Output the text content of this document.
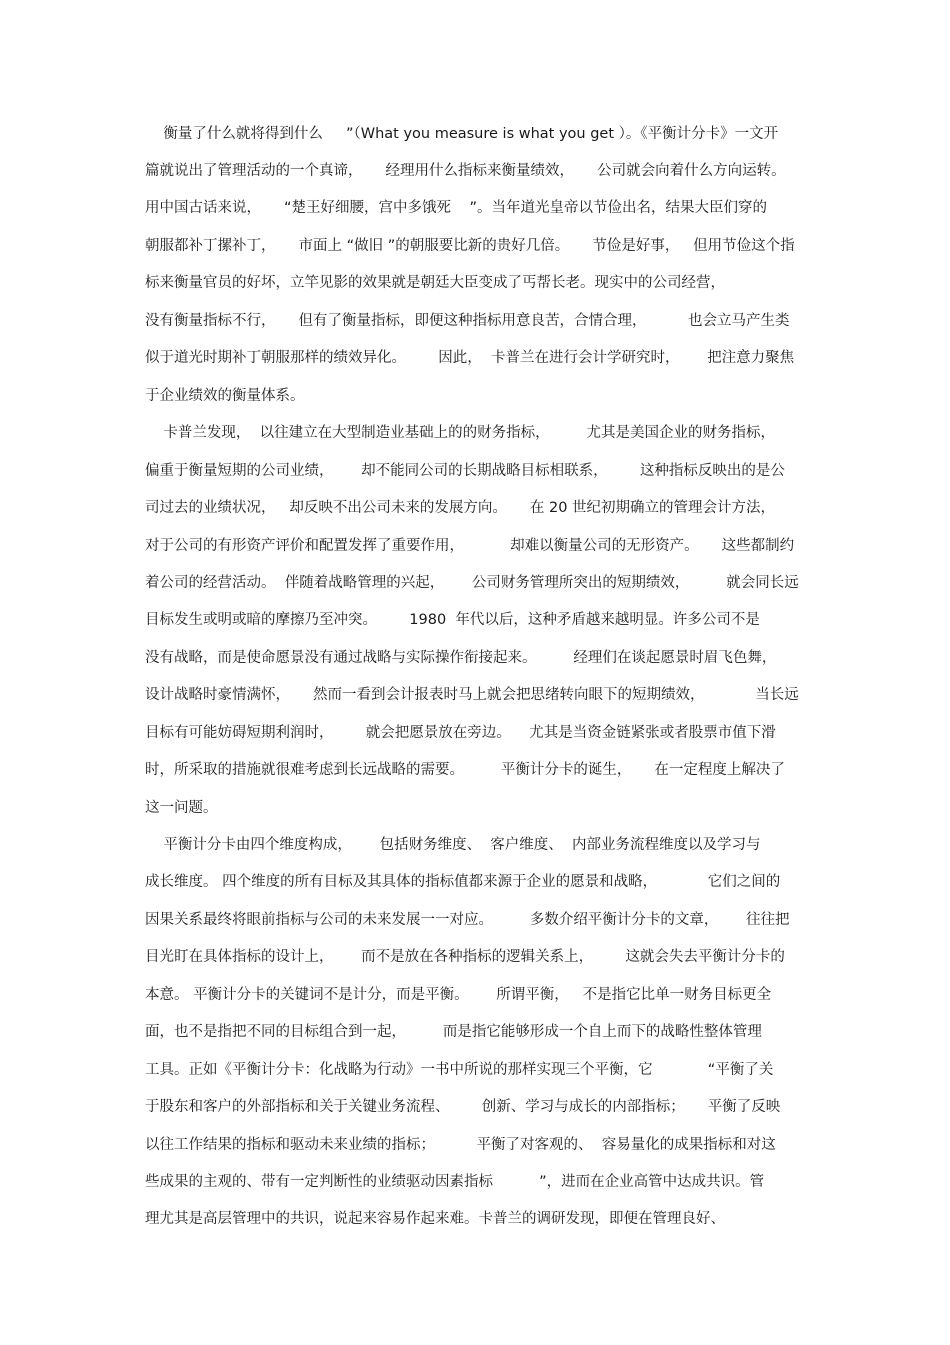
衡量了什么就将得到什么     ”（What you measure is what you get ）。《平衡计分卡》一文开
篇就说出了管理活动的一个真谛，     经理用什么指标来衡量绩效，     公司就会向着什么方向运转。
用中国古话来说，     “楚王好细腰，宫中多饿死    ”。当年道光皇帝以节俭出名，结果大臣们穿的
朝服都补丁摞补丁，     市面上 “做旧 ”的朝服要比新的贵好几倍。     节俭是好事，   但用节俭这个指
标来衡量官员的好坏，立竿见影的效果就是朝廷大臣变成了丐帮长老。现实中的公司经营，
没有衡量指标不行，     但有了衡量指标，即便这种指标用意良苦，合情合理，         也会立马产生类
似于道光时期补丁朝服那样的绩效异化。       因此，  卡普兰在进行会计学研究时，      把注意力聚焦
于企业绩效的衡量体系。
卡普兰发现，  以往建立在大型制造业基础上的的财务指标，        尤其是美国企业的财务指标，
偏重于衡量短期的公司业绩，      却不能同公司的长期战略目标相联系，       这种指标反映出的是公
司过去的业绩状况，   却反映不出公司未来的发展方向。     在 20 世纪初期确立的管理会计方法，
对于公司的有形资产评价和配置发挥了重要作用，          却难以衡量公司的无形资产。     这些都制约
着公司的经营活动。  伴随着战略管理的兴起，      公司财务管理所突出的短期绩效，        就会同长远
目标发生或明或暗的摩擦乃至冲突。       1980  年代以后，这种矛盾越来越明显。许多公司不是
没有战略，而是使命愿景没有通过战略与实际操作衔接起来。        经理们在谈起愿景时眉飞色舞，
设计战略时豪情满怀，     然而一看到会计报表时马上就会把思绪转向眼下的短期绩效，           当长远
目标有可能妨碍短期利润时，       就会把愿景放在旁边。    尤其是当资金链紧张或者股票市值下滑
时，所采取的措施就很难考虑到长远战略的需要。        平衡计分卡的诞生，     在一定程度上解决了
这一问题。
平衡计分卡由四个维度构成，      包括财务维度、  客户维度、  内部业务流程维度以及学习与
成长维度。 四个维度的所有目标及其具体的指标值都来源于企业的愿景和战略，           它们之间的
因果关系最终将眼前指标与公司的未来发展一一对应。        多数介绍平衡计分卡的文章，      往往把
目光盯在具体指标的设计上，      而不是放在各种指标的逻辑关系上，       这就会失去平衡计分卡的
本意。 平衡计分卡的关键词不是计分，而是平衡。      所谓平衡，   不是指它比单一财务目标更全
面，也不是指把不同的目标组合到一起，        而是指它能够形成一个自上而下的战略性整体管理
工具。正如《平衡计分卡：化战略为行动》一书中所说的那样实现三个平衡，它            “平衡了关
于股东和客户的外部指标和关于关键业务流程、       创新、学习与成长的内部指标；     平衡了反映
以往工作结果的指标和驱动未来业绩的指标；         平衡了对客观的、  容易量化的成果指标和对这
些成果的主观的、带有一定判断性的业绩驱动因素指标          ”，进而在企业高管中达成共识。管
理尤其是高层管理中的共识，说起来容易作起来难。卡普兰的调研发现，即便在管理良好、
